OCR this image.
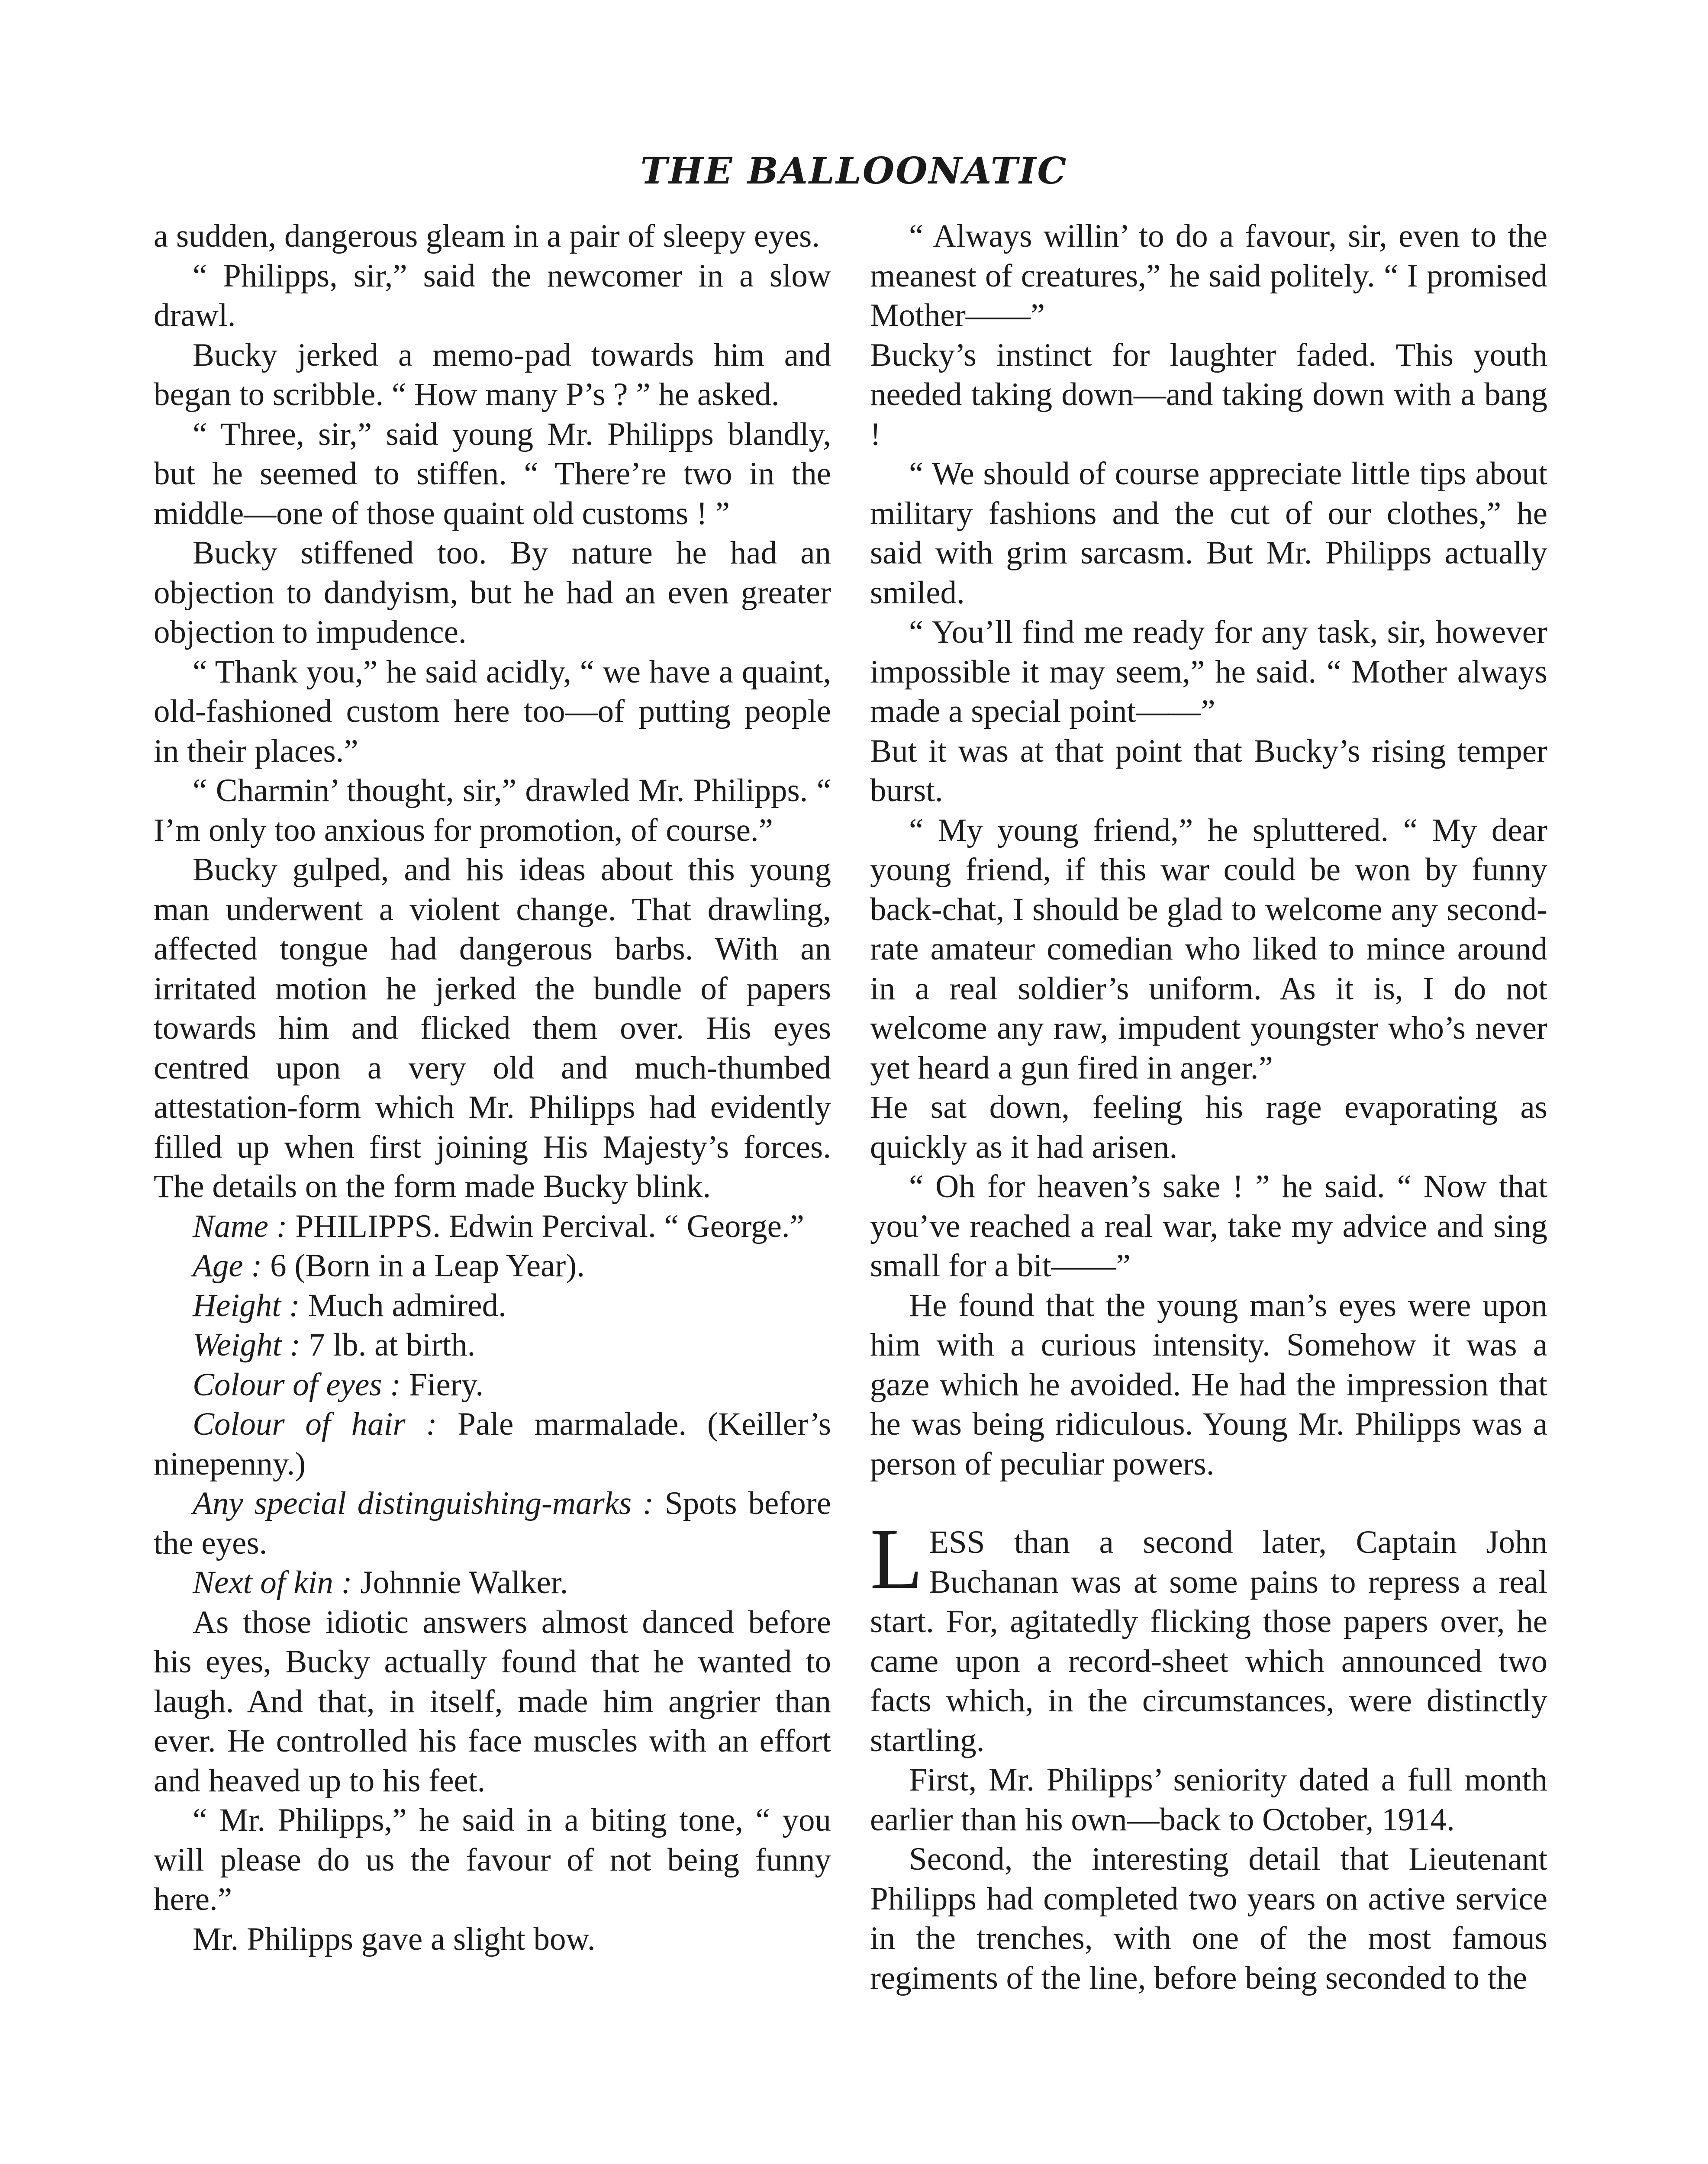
THE BALLOONATIC

a sudden, dangerous gleam in a pair of sleepy eyes.

“ Philipps, sir,” said the newcomer in a slow drawl.

Bucky jerked a memo-pad towards him and began to scribble. “ How many P’s ? ” he asked.

“ Three, sir,” said young Mr. Philipps blandly, but he seemed to stiffen. “ There’re two in the middle—one of those quaint old customs ! ”

Bucky stiffened too. By nature he had an objection to dandyism, but he had an even greater objection to impudence.

“ Thank you,” he said acidly, “ we have a quaint, old-fashioned custom here too—of putting people in their places.”

“ Charmin’ thought, sir,” drawled Mr. Philipps. “ I’m only too anxious for promotion, of course.”

Bucky gulped, and his ideas about this young man underwent a violent change. That drawling, affected tongue had dangerous barbs. With an irritated motion he jerked the bundle of papers towards him and flicked them over. His eyes centred upon a very old and much-thumbed attestation-form which Mr. Philipps had evidently filled up when first joining His Majesty’s forces. The details on the form made Bucky blink.

Name : PHILIPPS. Edwin Percival. “ George.”

Age : 6 (Born in a Leap Year).

Height : Much admired.

Weight : 7 lb. at birth.

Colour of eyes : Fiery.

Colour of hair : Pale marmalade. (Keiller’s ninepenny.)

Any special distinguishing-marks : Spots before the eyes.

Next of kin : Johnnie Walker.

As those idiotic answers almost danced before his eyes, Bucky actually found that he wanted to laugh. And that, in itself, made him angrier than ever. He controlled his face muscles with an effort and heaved up to his feet.

“ Mr. Philipps,” he said in a biting tone, “ you will please do us the favour of not being funny here.”

Mr. Philipps gave a slight bow.

“ Always willin’ to do a favour, sir, even to the meanest of creatures,” he said politely. “ I promised Mother——”

Bucky’s instinct for laughter faded. This youth needed taking down—and taking down with a bang !

“ We should of course appreciate little tips about military fashions and the cut of our clothes,” he said with grim sarcasm. But Mr. Philipps actually smiled.

“ You’ll find me ready for any task, sir, however impossible it may seem,” he said. “ Mother always made a special point——”

But it was at that point that Bucky’s rising temper burst.

“ My young friend,” he spluttered. “ My dear young friend, if this war could be won by funny back-chat, I should be glad to welcome any second-rate amateur comedian who liked to mince around in a real soldier’s uniform. As it is, I do not welcome any raw, impudent youngster who’s never yet heard a gun fired in anger.”

He sat down, feeling his rage evaporating as quickly as it had arisen.

“ Oh for heaven’s sake ! ” he said. “ Now that you’ve reached a real war, take my advice and sing small for a bit——”

He found that the young man’s eyes were upon him with a curious intensity. Somehow it was a gaze which he avoided. He had the impression that he was being ridiculous. Young Mr. Philipps was a person of peculiar powers.

LESS than a second later, Captain John Buchanan was at some pains to repress a real start. For, agitatedly flicking those papers over, he came upon a record-sheet which announced two facts which, in the circumstances, were distinctly startling.

First, Mr. Philipps’ seniority dated a full month earlier than his own—back to October, 1914.

Second, the interesting detail that Lieutenant Philipps had completed two years on active service in the trenches, with one of the most famous regiments of the line, before being seconded to the
